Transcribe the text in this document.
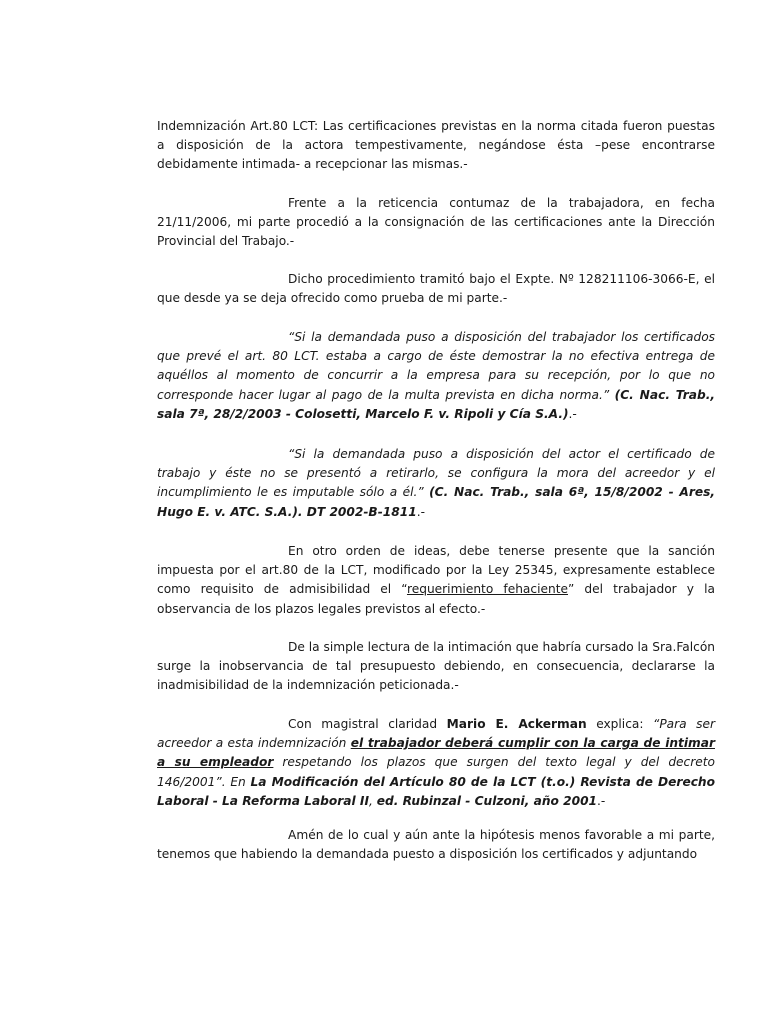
Indemnización Art.80 LCT: Las certificaciones previstas en la norma citada fueron puestas a disposición de la actora tempestivamente, negándose ésta –pese encontrarse debidamente intimada- a recepcionar las mismas.-

Frente a la reticencia contumaz de la trabajadora, en fecha 21/11/2006, mi parte procedió a la consignación de las certificaciones ante la Dirección Provincial del Trabajo.-

Dicho procedimiento tramitó bajo el Expte. Nº 128211106-3066-E, el que desde ya se deja ofrecido como prueba de mi parte.-

“Si la demandada puso a disposición del trabajador los certificados que prevé el art. 80 LCT. estaba a cargo de éste demostrar la no efectiva entrega de aquéllos al momento de concurrir a la empresa para su recepción, por lo que no corresponde hacer lugar al pago de la multa prevista en dicha norma.” (C. Nac. Trab., sala 7ª, 28/2/2003 - Colosetti, Marcelo F. v. Ripoli y Cía S.A.).-

“Si la demandada puso a disposición del actor el certificado de trabajo y éste no se presentó a retirarlo, se configura la mora del acreedor y el incumplimiento le es imputable sólo a él.” (C. Nac. Trab., sala 6ª, 15/8/2002 - Ares, Hugo E. v. ATC. S.A.). DT 2002-B-1811.-

En otro orden de ideas, debe tenerse presente que la sanción impuesta por el art.80 de la LCT, modificado por la Ley 25345, expresamente establece como requisito de admisibilidad el “requerimiento fehaciente” del trabajador y la observancia de los plazos legales previstos al efecto.-

De la simple lectura de la intimación que habría cursado la Sra.Falcón surge la inobservancia de tal presupuesto debiendo, en consecuencia, declararse la inadmisibilidad de la indemnización peticionada.-

Con magistral claridad Mario E. Ackerman explica: “Para ser acreedor a esta indemnización el trabajador deberá cumplir con la carga de intimar a su empleador respetando los plazos que surgen del texto legal y del decreto 146/2001”. En La Modificación del Artículo 80 de la LCT (t.o.) Revista de Derecho Laboral - La Reforma Laboral II, ed. Rubinzal - Culzoni, año 2001.-

Amén de lo cual y aún ante la hipótesis menos favorable a mi parte, tenemos que habiendo la demandada puesto a disposición los certificados y adjuntando
